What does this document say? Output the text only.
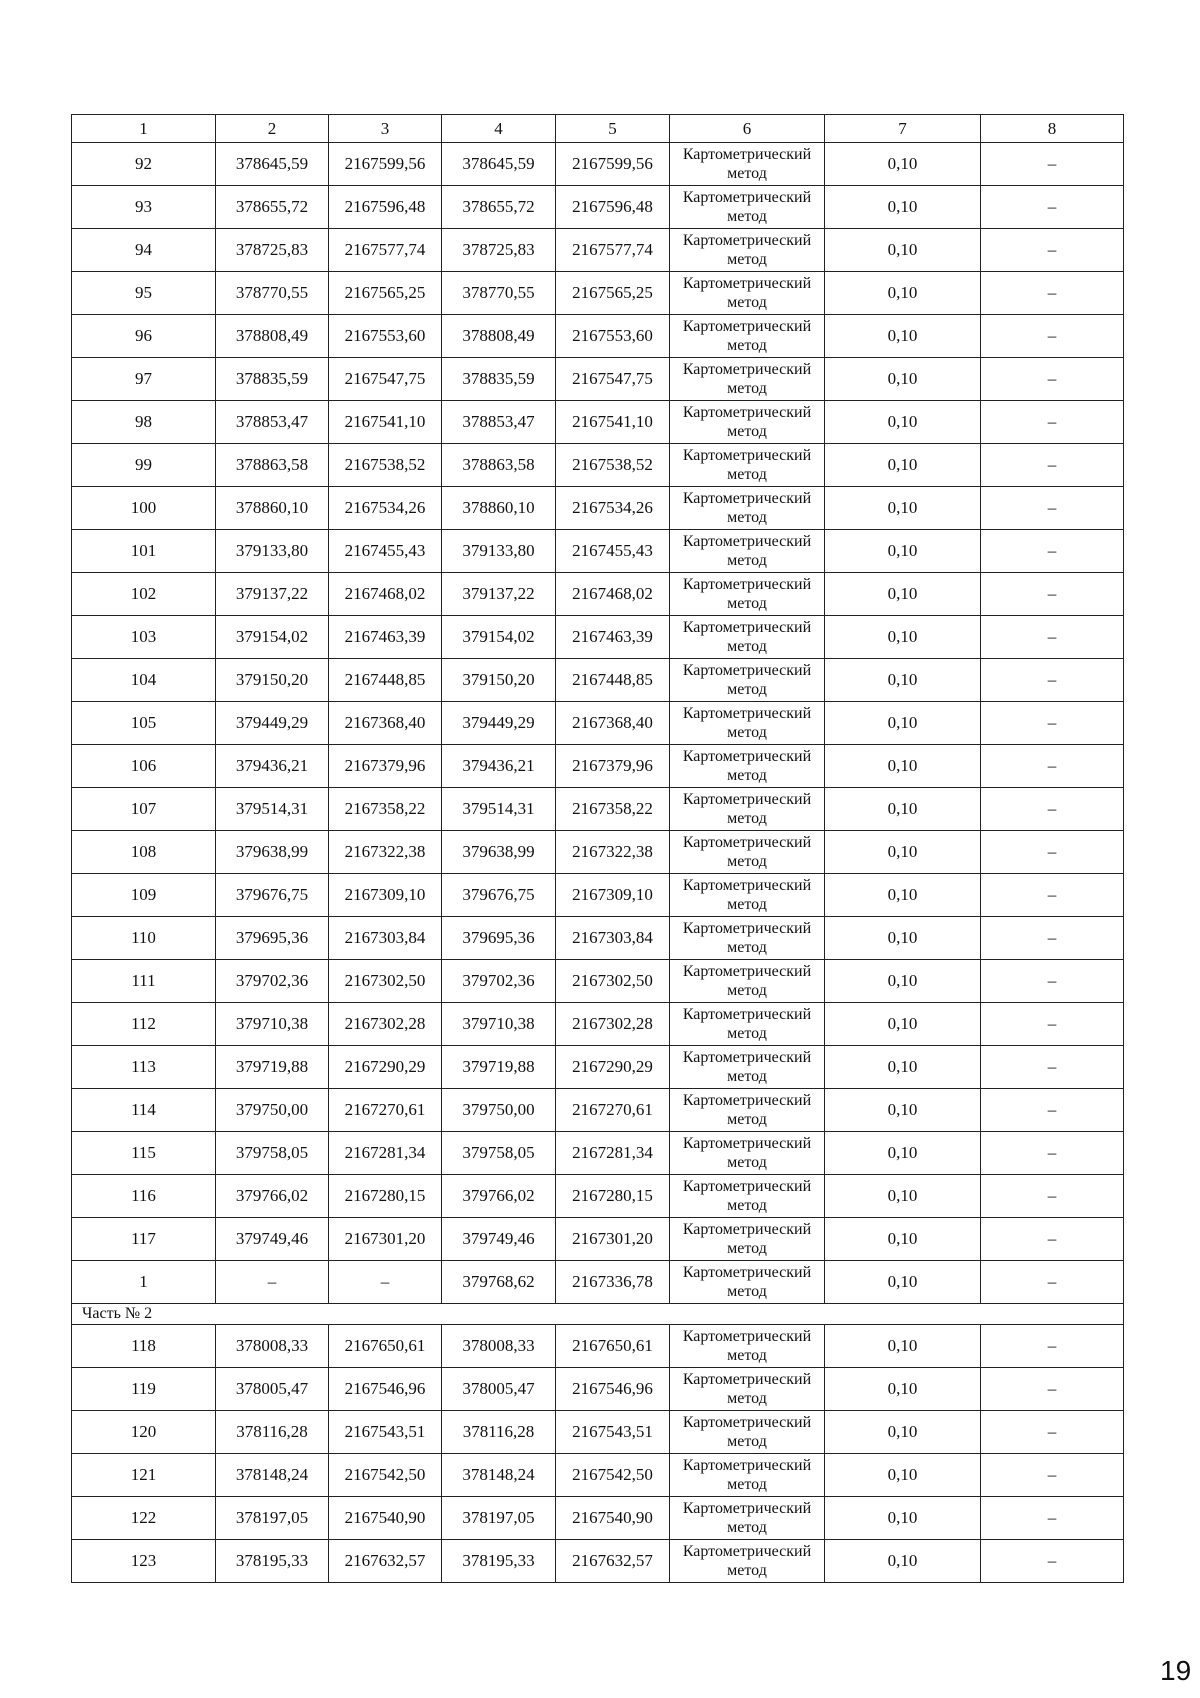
1	2	3	4	5	6	7	8
92	378645,59	2167599,56	378645,59	2167599,56	Картометрический метод	0,10	–
93	378655,72	2167596,48	378655,72	2167596,48	Картометрический метод	0,10	–
94	378725,83	2167577,74	378725,83	2167577,74	Картометрический метод	0,10	–
95	378770,55	2167565,25	378770,55	2167565,25	Картометрический метод	0,10	–
96	378808,49	2167553,60	378808,49	2167553,60	Картометрический метод	0,10	–
97	378835,59	2167547,75	378835,59	2167547,75	Картометрический метод	0,10	–
98	378853,47	2167541,10	378853,47	2167541,10	Картометрический метод	0,10	–
99	378863,58	2167538,52	378863,58	2167538,52	Картометрический метод	0,10	–
100	378860,10	2167534,26	378860,10	2167534,26	Картометрический метод	0,10	–
101	379133,80	2167455,43	379133,80	2167455,43	Картометрический метод	0,10	–
102	379137,22	2167468,02	379137,22	2167468,02	Картометрический метод	0,10	–
103	379154,02	2167463,39	379154,02	2167463,39	Картометрический метод	0,10	–
104	379150,20	2167448,85	379150,20	2167448,85	Картометрический метод	0,10	–
105	379449,29	2167368,40	379449,29	2167368,40	Картометрический метод	0,10	–
106	379436,21	2167379,96	379436,21	2167379,96	Картометрический метод	0,10	–
107	379514,31	2167358,22	379514,31	2167358,22	Картометрический метод	0,10	–
108	379638,99	2167322,38	379638,99	2167322,38	Картометрический метод	0,10	–
109	379676,75	2167309,10	379676,75	2167309,10	Картометрический метод	0,10	–
110	379695,36	2167303,84	379695,36	2167303,84	Картометрический метод	0,10	–
111	379702,36	2167302,50	379702,36	2167302,50	Картометрический метод	0,10	–
112	379710,38	2167302,28	379710,38	2167302,28	Картометрический метод	0,10	–
113	379719,88	2167290,29	379719,88	2167290,29	Картометрический метод	0,10	–
114	379750,00	2167270,61	379750,00	2167270,61	Картометрический метод	0,10	–
115	379758,05	2167281,34	379758,05	2167281,34	Картометрический метод	0,10	–
116	379766,02	2167280,15	379766,02	2167280,15	Картометрический метод	0,10	–
117	379749,46	2167301,20	379749,46	2167301,20	Картометрический метод	0,10	–
1	–	–	379768,62	2167336,78	Картометрический метод	0,10	–
Часть № 2							
118	378008,33	2167650,61	378008,33	2167650,61	Картометрический метод	0,10	–
119	378005,47	2167546,96	378005,47	2167546,96	Картометрический метод	0,10	–
120	378116,28	2167543,51	378116,28	2167543,51	Картометрический метод	0,10	–
121	378148,24	2167542,50	378148,24	2167542,50	Картометрический метод	0,10	–
122	378197,05	2167540,90	378197,05	2167540,90	Картометрический метод	0,10	–
123	378195,33	2167632,57	378195,33	2167632,57	Картометрический метод	0,10	–
19
